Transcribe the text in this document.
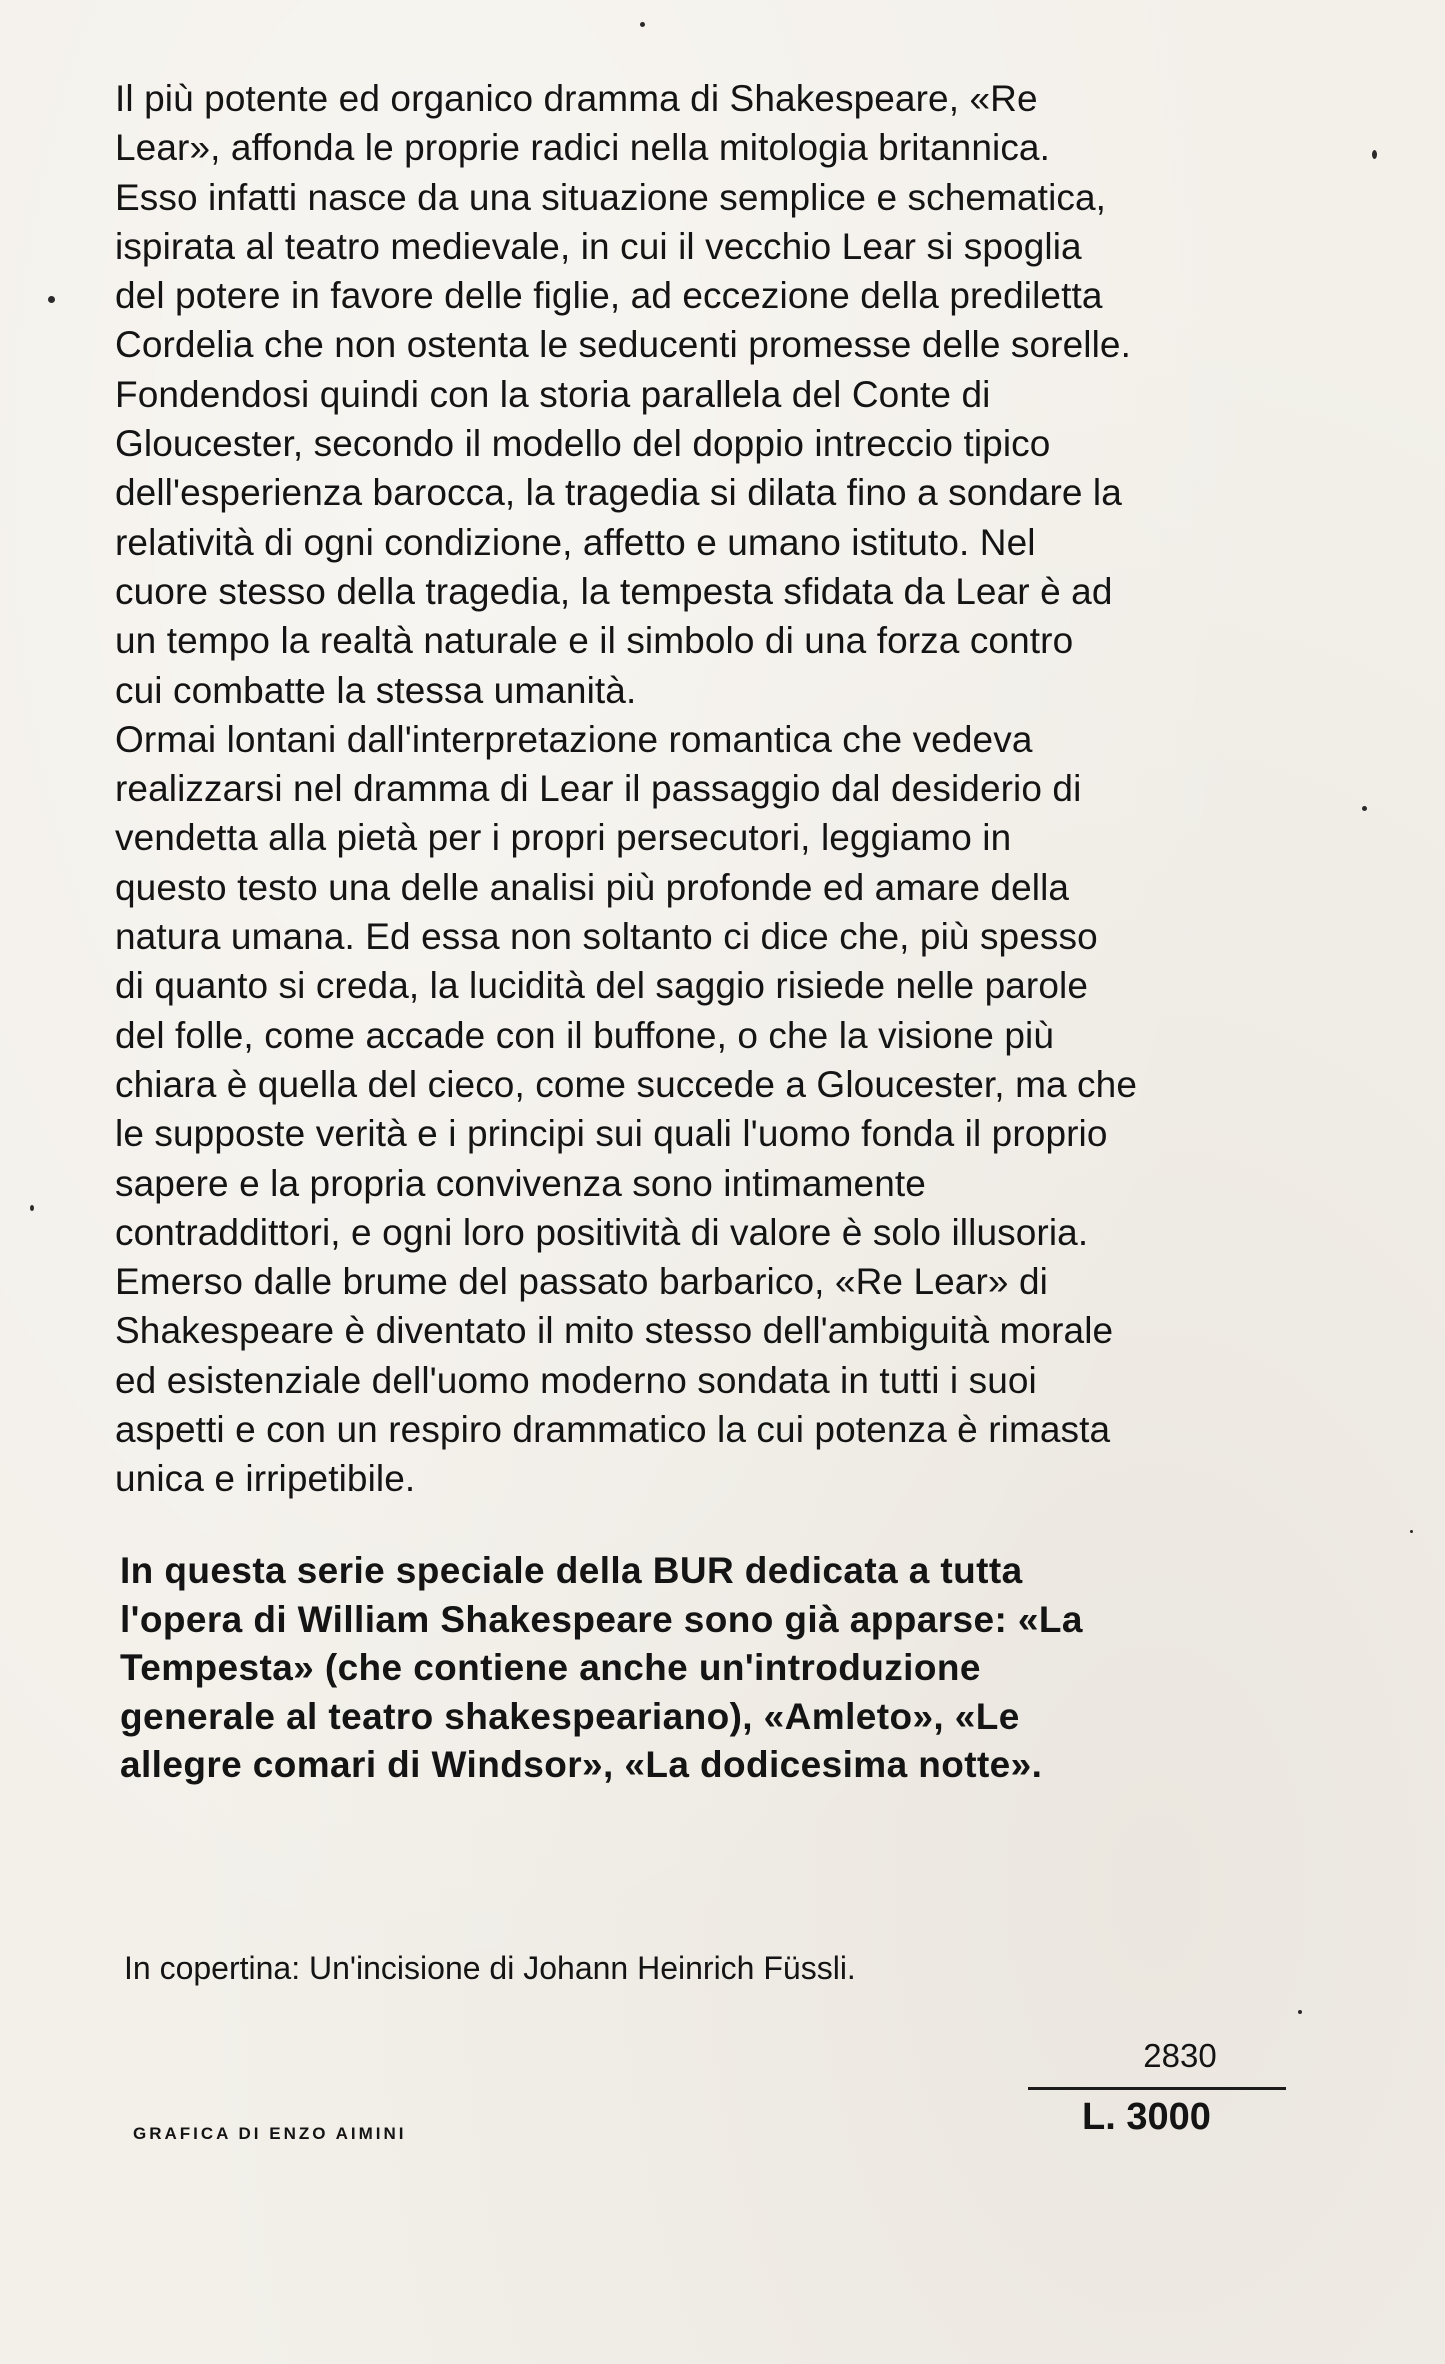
Il più potente ed organico dramma di Shakespeare, «Re
Lear», affonda le proprie radici nella mitologia britannica.
Esso infatti nasce da una situazione semplice e schematica,
ispirata al teatro medievale, in cui il vecchio Lear si spoglia
del potere in favore delle figlie, ad eccezione della prediletta
Cordelia che non ostenta le seducenti promesse delle sorelle.
Fondendosi quindi con la storia parallela del Conte di
Gloucester, secondo il modello del doppio intreccio tipico
dell'esperienza barocca, la tragedia si dilata fino a sondare la
relatività di ogni condizione, affetto e umano istituto. Nel
cuore stesso della tragedia, la tempesta sfidata da Lear è ad
un tempo la realtà naturale e il simbolo di una forza contro
cui combatte la stessa umanità.
Ormai lontani dall'interpretazione romantica che vedeva
realizzarsi nel dramma di Lear il passaggio dal desiderio di
vendetta alla pietà per i propri persecutori, leggiamo in
questo testo una delle analisi più profonde ed amare della
natura umana. Ed essa non soltanto ci dice che, più spesso
di quanto si creda, la lucidità del saggio risiede nelle parole
del folle, come accade con il buffone, o che la visione più
chiara è quella del cieco, come succede a Gloucester, ma che
le supposte verità e i principi sui quali l'uomo fonda il proprio
sapere e la propria convivenza sono intimamente
contraddittori, e ogni loro positività di valore è solo illusoria.
Emerso dalle brume del passato barbarico, «Re Lear» di
Shakespeare è diventato il mito stesso dell'ambiguità morale
ed esistenziale dell'uomo moderno sondata in tutti i suoi
aspetti e con un respiro drammatico la cui potenza è rimasta
unica e irripetibile.

In questa serie speciale della BUR dedicata a tutta
l'opera di William Shakespeare sono già apparse: «La
Tempesta» (che contiene anche un'introduzione
generale al teatro shakespeariano), «Amleto», «Le
allegre comari di Windsor», «La dodicesima notte».

In copertina: Un'incisione di Johann Heinrich Füssli.

2830
L. 3000
GRAFICA DI ENZO AIMINI
